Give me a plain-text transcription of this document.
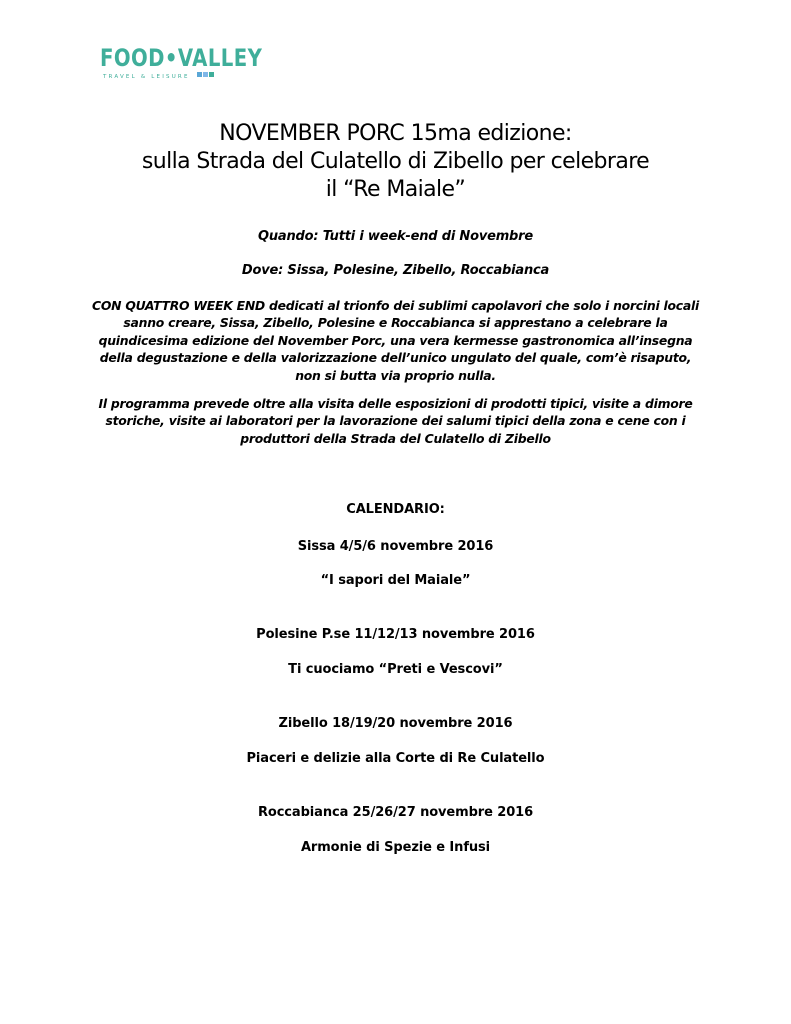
FOOD•VALLEY
TRAVEL & LEISURE
NOVEMBER PORC 15ma edizione:
sulla Strada del Culatello di Zibello per celebrare
il “Re Maiale”
Quando: Tutti i week-end di Novembre
Dove: Sissa, Polesine, Zibello, Roccabianca
CON QUATTRO WEEK END dedicati al trionfo dei sublimi capolavori che solo i norcini locali
sanno creare, Sissa, Zibello, Polesine e Roccabianca si apprestano a celebrare la
quindicesima edizione del November Porc, una vera kermesse gastronomica all’insegna
della degustazione e della valorizzazione dell’unico ungulato del quale, com’è risaputo,
non si butta via proprio nulla.
Il programma prevede oltre alla visita delle esposizioni di prodotti tipici, visite a dimore
storiche, visite ai laboratori per la lavorazione dei salumi tipici della zona e cene con i
produttori della Strada del Culatello di Zibello
CALENDARIO:
Sissa 4/5/6 novembre 2016
“I sapori del Maiale”
Polesine P.se 11/12/13 novembre 2016
Ti cuociamo “Preti e Vescovi”
Zibello 18/19/20 novembre 2016
Piaceri e delizie alla Corte di Re Culatello
Roccabianca 25/26/27 novembre 2016
Armonie di Spezie e Infusi
